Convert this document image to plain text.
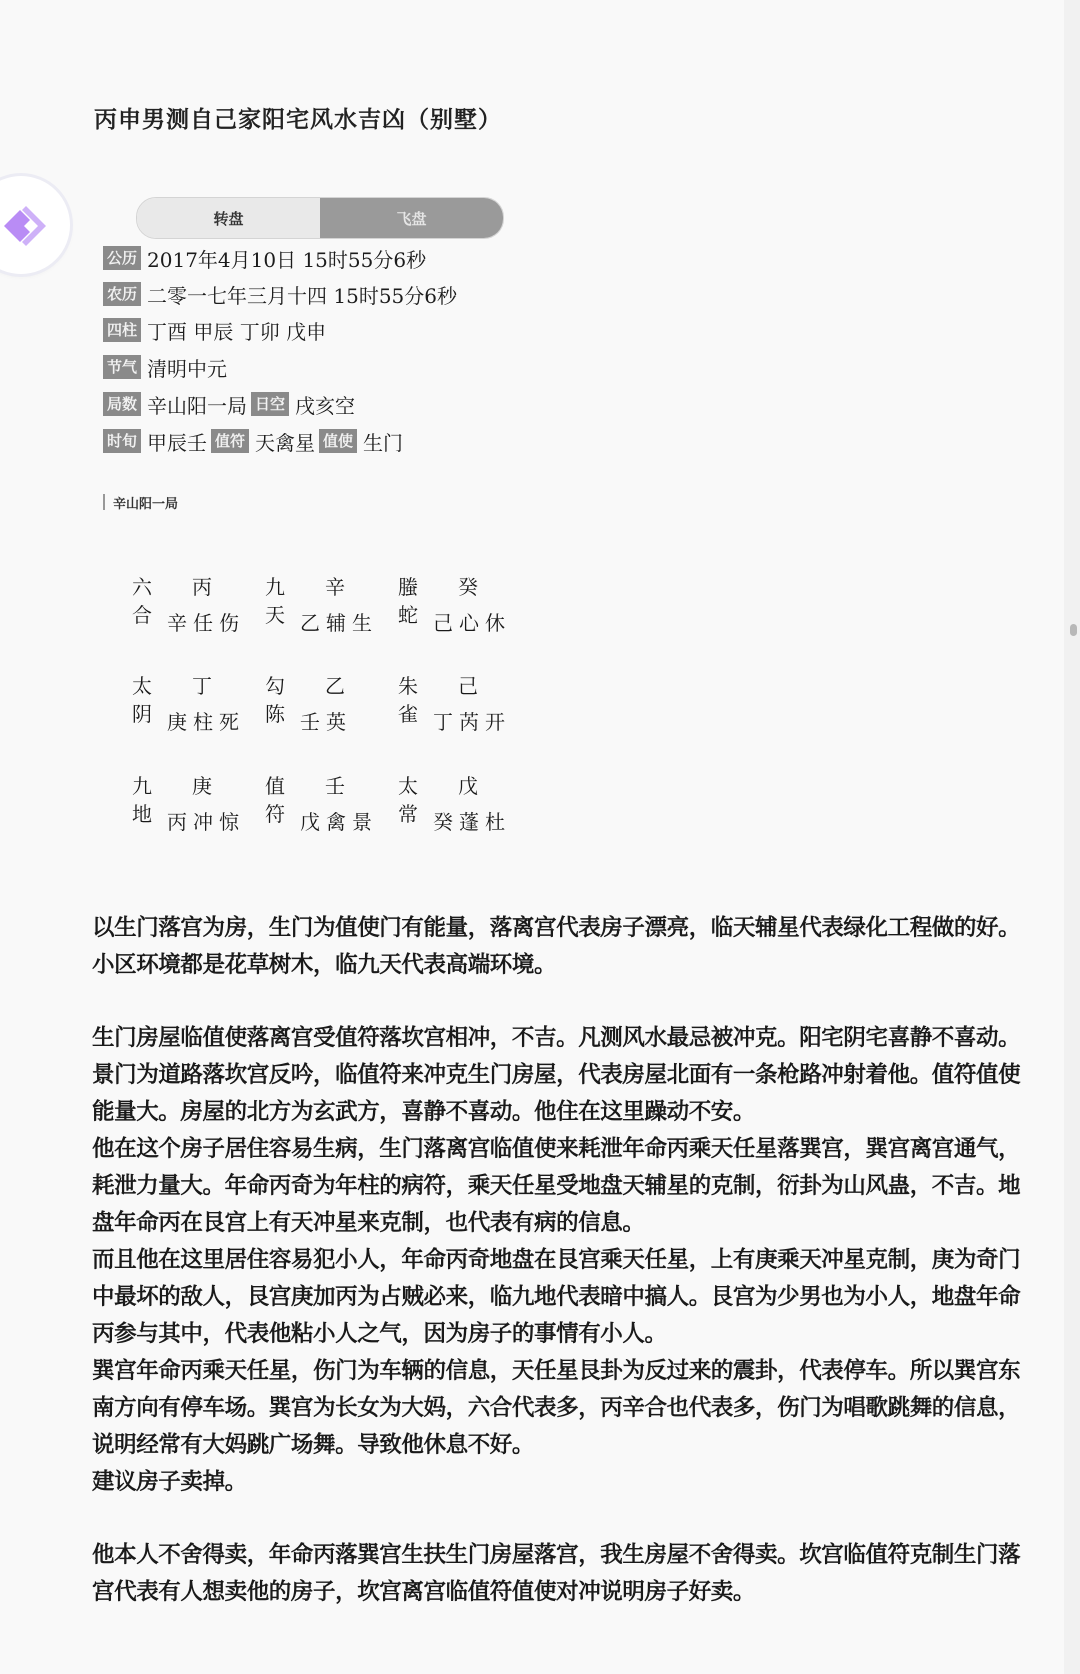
丙申男测自己家阳宅风水吉凶（别墅）
转盘	飞盘
公历 2017年4月10日 15时55分6秒
农历 二零一七年三月十四 15时55分6秒
四柱 丁酉 甲辰 丁卯 戊申
节气 清明中元
局数 辛山阳一局 日空 戌亥空
时旬 甲辰壬 值符 天禽星 值使 生门
辛山阳一局
六合
丙
辛任伤
九天
辛
乙辅生
螣蛇
癸
己心休
太阴
丁
庚柱死
勾陈
乙
壬英
朱雀
己
丁芮开
九地
庚
丙冲惊
值符
壬
戊禽景
太常
戊
癸蓬杜
以生门落宫为房，生门为值使门有能量，落离宫代表房子漂亮，临天辅星代表绿化工程做的好。小区环境都是花草树木，临九天代表高端环境。
生门房屋临值使落离宫受值符落坎宫相冲，不吉。凡测风水最忌被冲克。阳宅阴宅喜静不喜动。景门为道路落坎宫反吟，临值符来冲克生门房屋，代表房屋北面有一条枪路冲射着他。值符值使能量大。房屋的北方为玄武方，喜静不喜动。他住在这里躁动不安。
他在这个房子居住容易生病，生门落离宫临值使来耗泄年命丙乘天任星落巽宫，巽宫离宫通气，耗泄力量大。年命丙奇为年柱的病符，乘天任星受地盘天辅星的克制，衍卦为山风蛊，不吉。地盘年命丙在艮宫上有天冲星来克制，也代表有病的信息。
而且他在这里居住容易犯小人，年命丙奇地盘在艮宫乘天任星，上有庚乘天冲星克制，庚为奇门中最坏的敌人，艮宫庚加丙为占贼必来，临九地代表暗中搞人。艮宫为少男也为小人，地盘年命丙参与其中，代表他粘小人之气，因为房子的事情有小人。
巽宫年命丙乘天任星，伤门为车辆的信息，天任星艮卦为反过来的震卦，代表停车。所以巽宫东南方向有停车场。巽宫为长女为大妈，六合代表多，丙辛合也代表多，伤门为唱歌跳舞的信息，说明经常有大妈跳广场舞。导致他休息不好。
建议房子卖掉。
他本人不舍得卖，年命丙落巽宫生扶生门房屋落宫，我生房屋不舍得卖。坎宫临值符克制生门落宫代表有人想卖他的房子，坎宫离宫临值符值使对冲说明房子好卖。
